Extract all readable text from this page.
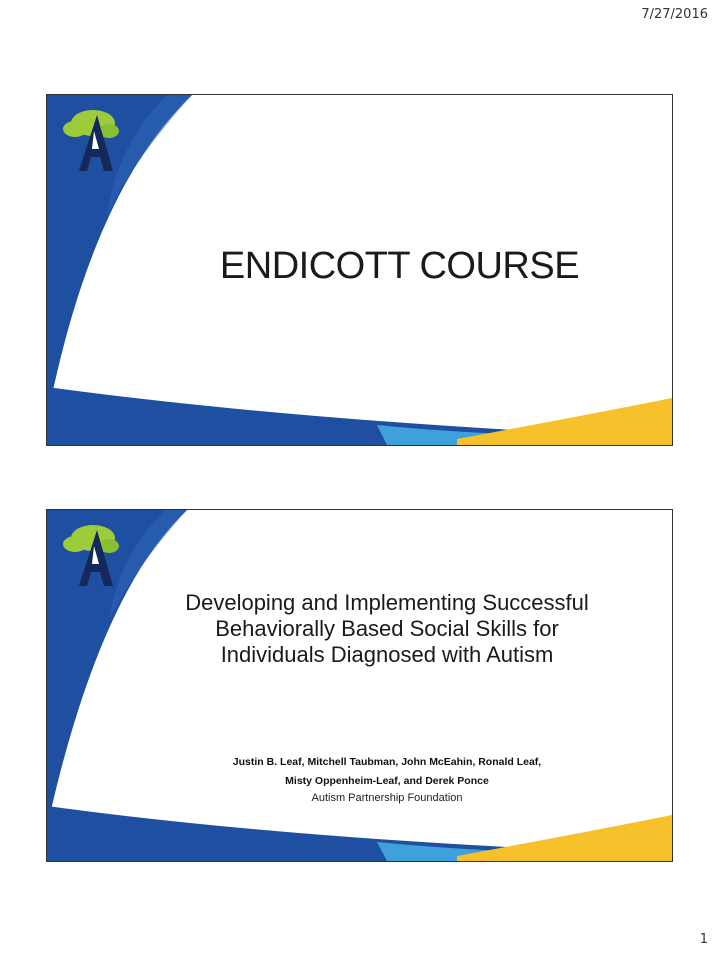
7/27/2016
ENDICOTT COURSE
Developing and Implementing Successful Behaviorally Based Social Skills for Individuals Diagnosed with Autism
Justin B. Leaf, Mitchell Taubman, John McEahin, Ronald Leaf,
Misty Oppenheim-Leaf, and Derek Ponce
Autism Partnership Foundation
1
